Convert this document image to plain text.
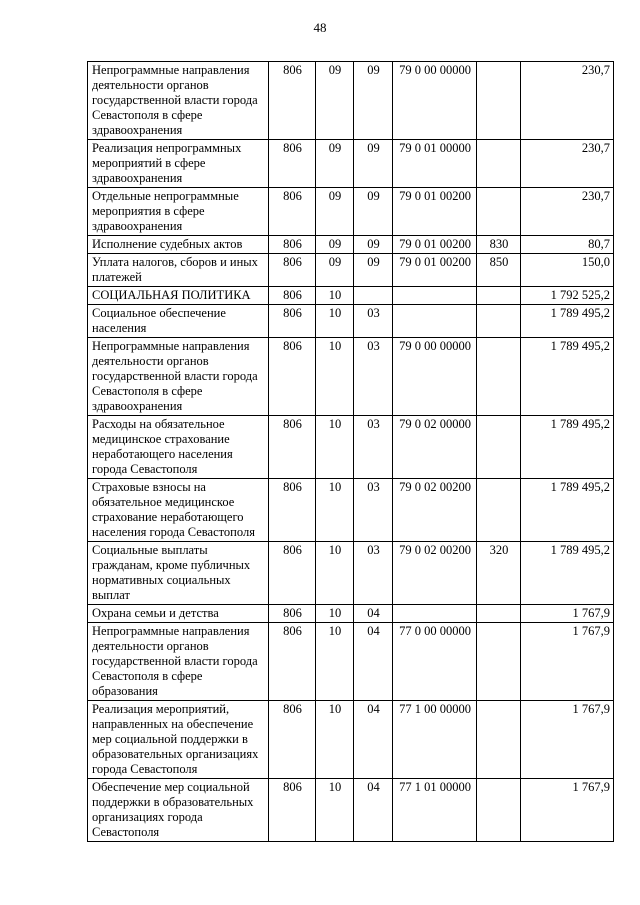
48
Непрограммные направления деятельности органов государственной власти города Севастополя в сфере здравоохранения	806	09	09	79 0 00 00000		230,7
Реализация непрограммных мероприятий в сфере здравоохранения	806	09	09	79 0 01 00000		230,7
Отдельные непрограммные мероприятия в сфере здравоохранения	806	09	09	79 0 01 00200		230,7
Исполнение судебных актов	806	09	09	79 0 01 00200	830	80,7
Уплата налогов, сборов и иных платежей	806	09	09	79 0 01 00200	850	150,0
СОЦИАЛЬНАЯ ПОЛИТИКА	806	10				1 792 525,2
Социальное обеспечение населения	806	10	03			1 789 495,2
Непрограммные направления деятельности органов государственной власти города Севастополя в сфере здравоохранения	806	10	03	79 0 00 00000		1 789 495,2
Расходы на обязательное медицинское страхование неработающего населения города Севастополя	806	10	03	79 0 02 00000		1 789 495,2
Страховые взносы на обязательное медицинское страхование неработающего населения города Севастополя	806	10	03	79 0 02 00200		1 789 495,2
Социальные выплаты гражданам, кроме публичных нормативных социальных выплат	806	10	03	79 0 02 00200	320	1 789 495,2
Охрана семьи и детства	806	10	04			1 767,9
Непрограммные направления деятельности органов государственной власти города Севастополя в сфере образования	806	10	04	77 0 00 00000		1 767,9
Реализация мероприятий, направленных на обеспечение мер социальной поддержки в образовательных организациях города Севастополя	806	10	04	77 1 00 00000		1 767,9
Обеспечение мер социальной поддержки в образовательных организациях города Севастополя	806	10	04	77 1 01 00000		1 767,9
